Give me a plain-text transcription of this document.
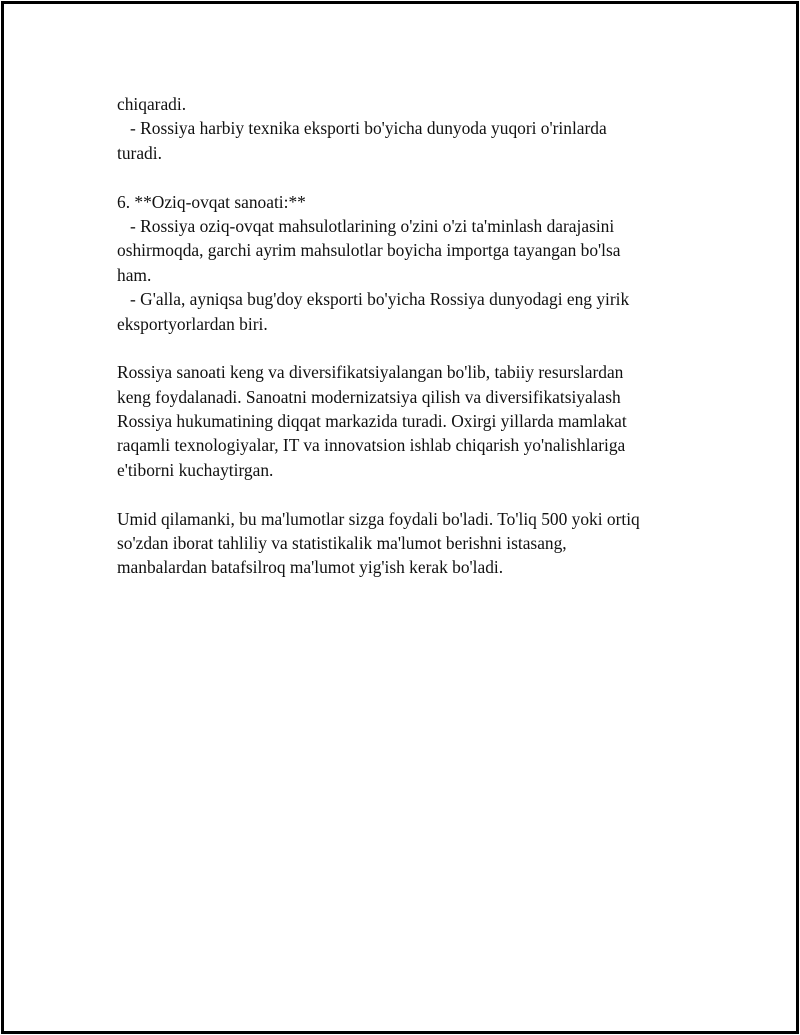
chiqaradi.
- Rossiya harbiy texnika eksporti bo'yicha dunyoda yuqori o'rinlarda
turadi.
6. **Oziq-ovqat sanoati:**
- Rossiya oziq-ovqat mahsulotlarining o'zini o'zi ta'minlash darajasini
oshirmoqda, garchi ayrim mahsulotlar boyicha importga tayangan bo'lsa
ham.
- G'alla, ayniqsa bug'doy eksporti bo'yicha Rossiya dunyodagi eng yirik
eksportyorlardan biri.
Rossiya sanoati keng va diversifikatsiyalangan bo'lib, tabiiy resurslardan
keng foydalanadi. Sanoatni modernizatsiya qilish va diversifikatsiyalash
Rossiya hukumatining diqqat markazida turadi. Oxirgi yillarda mamlakat
raqamli texnologiyalar, IT va innovatsion ishlab chiqarish yo'nalishlariga
e'tiborni kuchaytirgan.
Umid qilamanki, bu ma'lumotlar sizga foydali bo'ladi. To'liq 500 yoki ortiq
so'zdan iborat tahliliy va statistikalik ma'lumot berishni istasang,
manbalardan batafsilroq ma'lumot yig'ish kerak bo'ladi.
